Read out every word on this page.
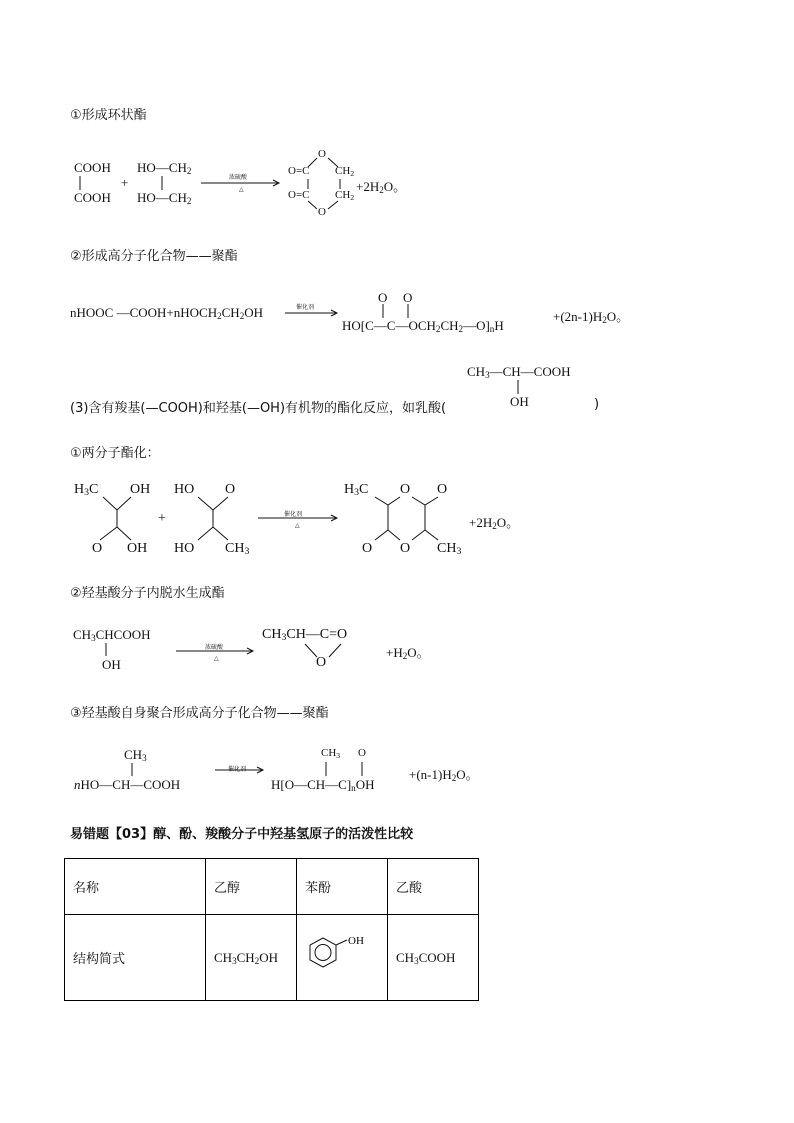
①形成环状酯
COOH
COOH
+
$HO—CH_2$
$HO—CH_2$
浓硫酸
△
O
O=C
O=C
$CH_2$
$CH_2$
O
$+2H_2O$。
②形成高分子化合物——聚酯
nHOOC $—COOH+nHOCH_2CH_2OH$	催化剂
O O
$HO[C—C—OCH_2CH_2—O]_nH$
$+(2n-1)H_2O$。
$CH_3—CH—COOH$
OH
(3)含有羧基(—COOH)和羟基(—OH)有机物的酯化反应，如乳酸(	)
①两分子酯化：
$H_3C$ OH
O OH
+
HO O
HO $CH_3$
催化剂
△
$H_3C$ O O
O O $CH_3$
$+2H_2O$。
②羟基酸分子内脱水生成酯
$CH_3CHCOOH$
OH
浓硫酸
△
$CH_3CH—C=O$
O
$+H_2O$。
③羟基酸自身聚合形成高分子化合物——聚酯
$CH_3$
nHO—CH—COOH
催化剂
$CH_3$ O
$H[O—CH—C]_nOH$
$+(n-1)H_2O$。
易错题【03】醇、酚、羧酸分子中羟基氢原子的活泼性比较
名称	乙醇	苯酚	乙酸
结构简式	$CH_3CH_2OH$	OH	$CH_3COOH$
